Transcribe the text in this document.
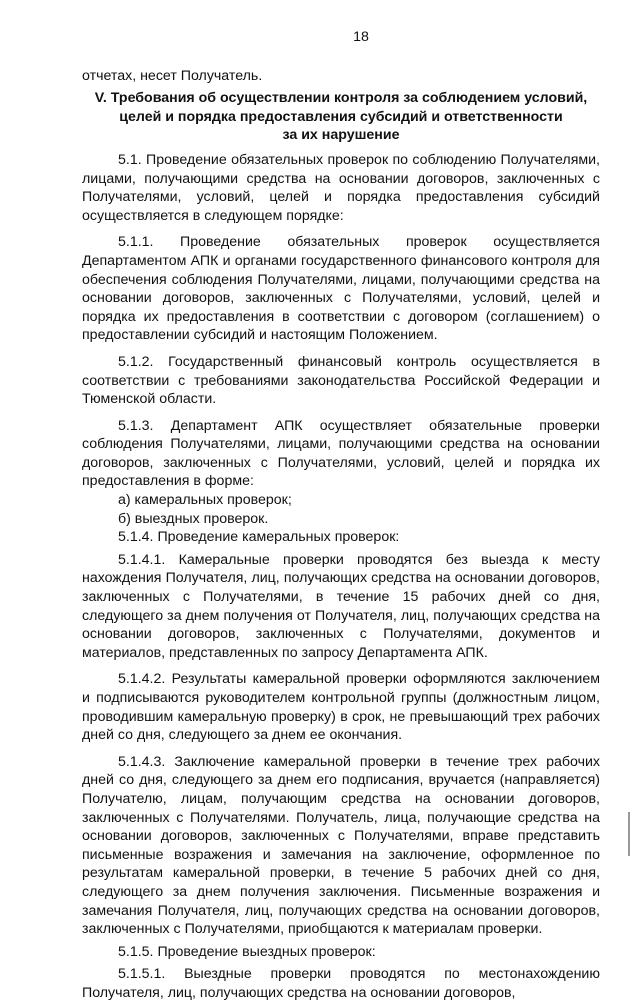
18

отчетах, несет Получатель.

V. Требования об осуществлении контроля за соблюдением условий,
целей и порядка предоставления субсидий и ответственности
за их нарушение

5.1. Проведение обязательных проверок по соблюдению Получателями, лицами, получающими средства на основании договоров, заключенных с Получателями, условий, целей и порядка предоставления субсидий осуществляется в следующем порядке:

5.1.1. Проведение обязательных проверок осуществляется Департаментом АПК и органами государственного финансового контроля для обеспечения соблюдения Получателями, лицами, получающими средства на основании договоров, заключенных с Получателями, условий, целей и порядка их предоставления в соответствии с договором (соглашением) о предоставлении субсидий и настоящим Положением.

5.1.2. Государственный финансовый контроль осуществляется в соответствии с требованиями законодательства Российской Федерации и Тюменской области.

5.1.3. Департамент АПК осуществляет обязательные проверки соблюдения Получателями, лицами, получающими средства на основании договоров, заключенных с Получателями, условий, целей и порядка их предоставления в форме:

а) камеральных проверок;

б) выездных проверок.

5.1.4. Проведение камеральных проверок:

5.1.4.1. Камеральные проверки проводятся без выезда к месту нахождения Получателя, лиц, получающих средства на основании договоров, заключенных с Получателями, в течение 15 рабочих дней со дня, следующего за днем получения от Получателя, лиц, получающих средства на основании договоров, заключенных с Получателями, документов и материалов, представленных по запросу Департамента АПК.

5.1.4.2. Результаты камеральной проверки оформляются заключением и подписываются руководителем контрольной группы (должностным лицом, проводившим камеральную проверку) в срок, не превышающий трех рабочих дней со дня, следующего за днем ее окончания.

5.1.4.3. Заключение камеральной проверки в течение трех рабочих дней со дня, следующего за днем его подписания, вручается (направляется) Получателю, лицам, получающим средства на основании договоров, заключенных с Получателями. Получатель, лица, получающие средства на основании договоров, заключенных с Получателями, вправе представить письменные возражения и замечания на заключение, оформленное по результатам камеральной проверки, в течение 5 рабочих дней со дня, следующего за днем получения заключения. Письменные возражения и замечания Получателя, лиц, получающих средства на основании договоров, заключенных с Получателями, приобщаются к материалам проверки.

5.1.5. Проведение выездных проверок:

5.1.5.1. Выездные проверки проводятся по местонахождению Получателя, лиц, получающих средства на основании договоров,
